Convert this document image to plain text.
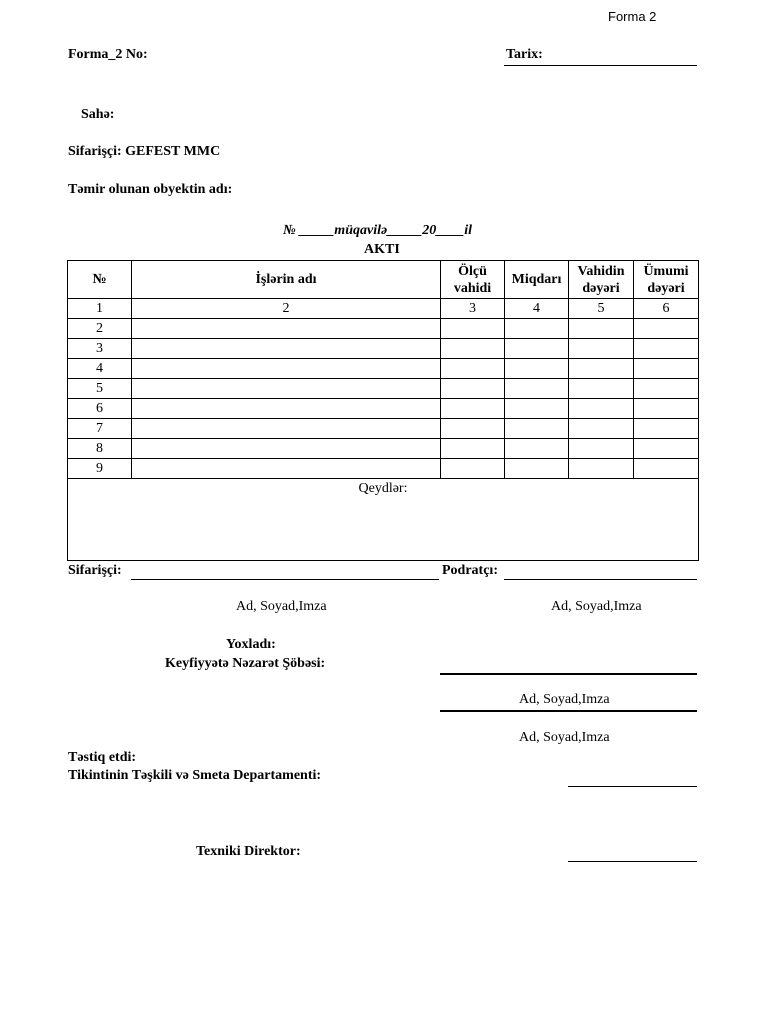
Forma 2
Forma_2 No:	Tarix:
Sahə:
Sifarişçi: GEFEST MMC
Təmir olunan obyektin adı:
№ _____müqavilə_____20____il
AKTI
№	İşlərin adı	Ölçü vahidi	Miqdarı	Vahidin dəyəri	Ümumi dəyəri
1	2	3	4	5	6
2					
3					
4					
5					
6					
7					
8					
9					
Qeydlər:
Sifarişçi:	Podratçı:
Ad, Soyad,Imza	Ad, Soyad,Imza
Yoxladı:
Keyfiyyətə Nəzarət Şöbəsi:
Ad, Soyad,Imza
Ad, Soyad,Imza
Təstiq etdi:
Tikintinin Təşkili və Smeta Departamenti:
Texniki Direktor:
